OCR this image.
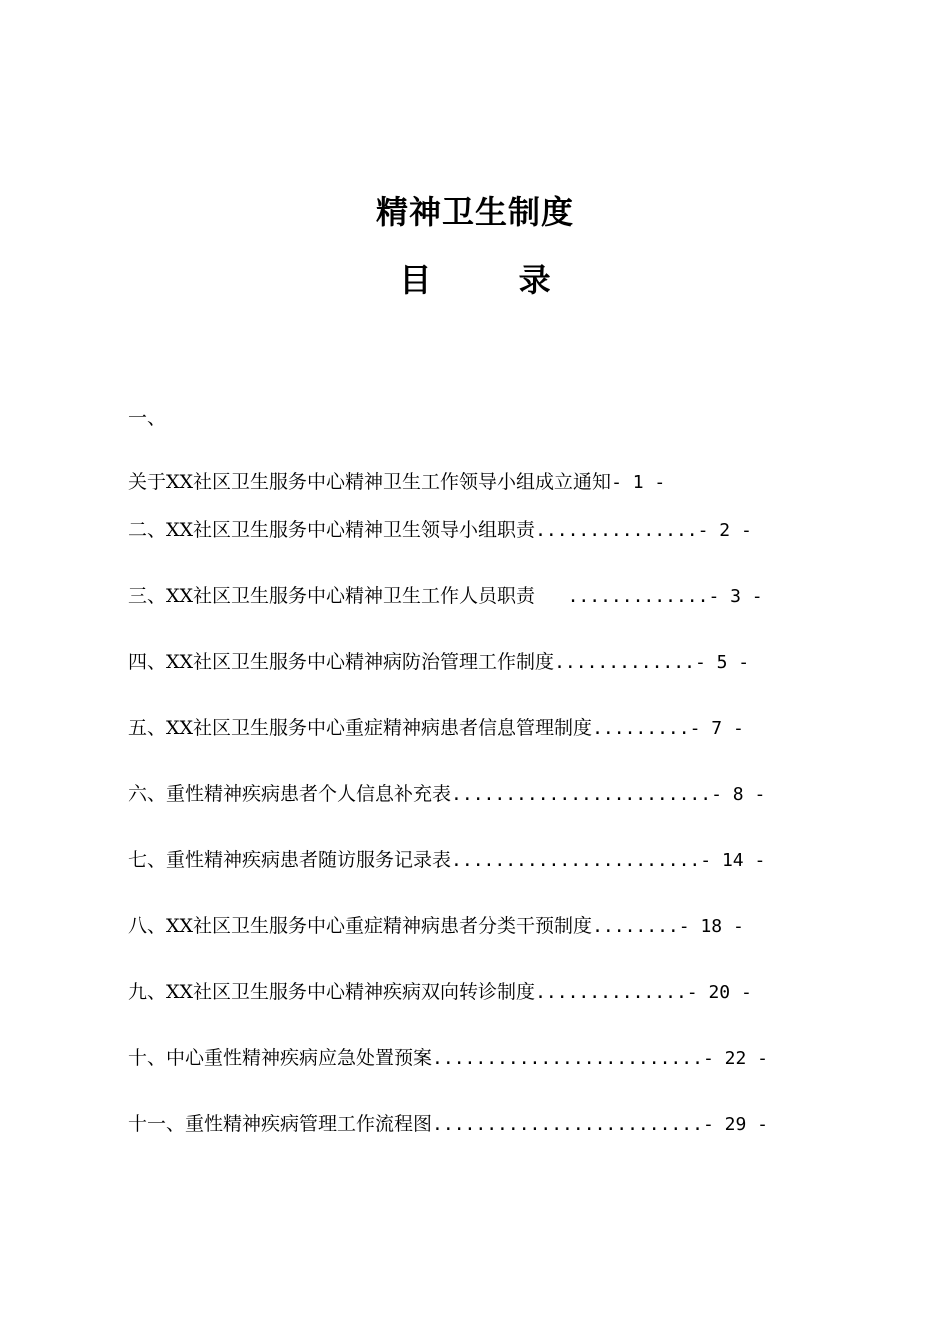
精神卫生制度
目 录
一、
关于XX社区卫生服务中心精神卫生工作领导小组成立通知- 1 -
二、XX社区卫生服务中心精神卫生领导小组职责...............- 2 -
三、XX社区卫生服务中心精神卫生工作人员职责   .............- 3 -
四、XX社区卫生服务中心精神病防治管理工作制度.............- 5 -
五、XX社区卫生服务中心重症精神病患者信息管理制度.........- 7 -
六、重性精神疾病患者个人信息补充表........................- 8 -
七、重性精神疾病患者随访服务记录表.......................- 14 -
八、XX社区卫生服务中心重症精神病患者分类干预制度........- 18 -
九、XX社区卫生服务中心精神疾病双向转诊制度..............- 20 -
十、中心重性精神疾病应急处置预案.........................- 22 -
十一、重性精神疾病管理工作流程图.........................- 29 -
